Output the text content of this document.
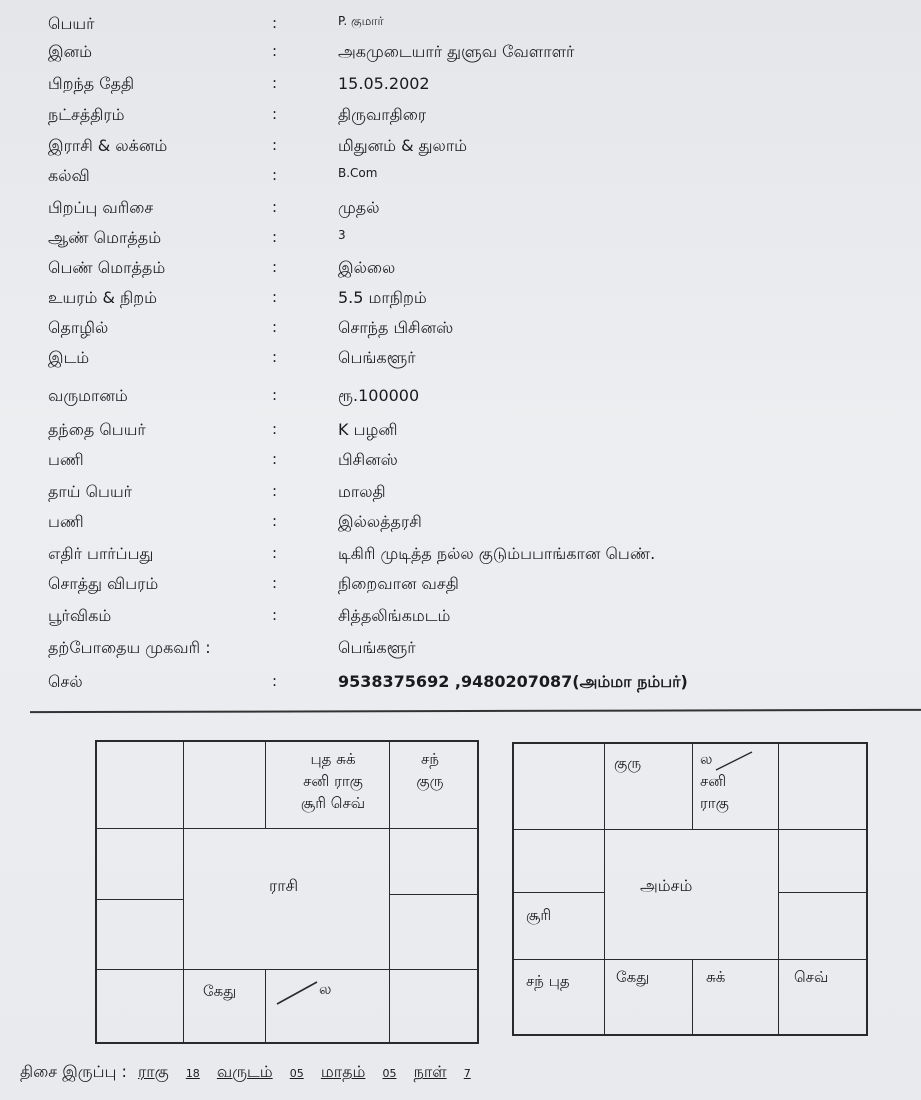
பெயர்	:	P. குமார்
இனம்	:	அகமுடையார் துளுவ வேளாளர்
பிறந்த தேதி	:	15.05.2002
நட்சத்திரம்	:	திருவாதிரை
இராசி & லக்னம்	:	மிதுனம் & துலாம்
கல்வி	:	B.Com
பிறப்பு வரிசை	:	முதல்
ஆண் மொத்தம்	:	3
பெண் மொத்தம்	:	இல்லை
உயரம் & நிறம்	:	5.5 மாநிறம்
தொழில்	:	சொந்த பிசினஸ்
இடம்	:	பெங்களூர்
வருமானம்	:	ரூ.100000
தந்தை பெயர்	:	K பழனி
பணி	:	பிசினஸ்
தாய் பெயர்	:	மாலதி
பணி	:	இல்லத்தரசி
எதிர் பார்ப்பது	:	டிகிரி முடித்த நல்ல குடும்பபாங்கான பெண்.
சொத்து விபரம்	:	நிறைவான வசதி
பூர்விகம்	:	சித்தலிங்கமடம்
தற்போதைய முகவரி :	பெங்களூர்
செல்	:	9538375692 ,9480207087(அம்மா நம்பர்)
புத சுக்
சனி ராகு
சூரி செவ்
சந்
குரு
ராசி
கேது	ல
குரு	ல
சனி
ராகு
அம்சம்
சூரி
சந் புத	கேது	சுக்	செவ்
திசை இருப்பு : ராகு 18 வருடம் 05 மாதம் 05 நாள் 7
